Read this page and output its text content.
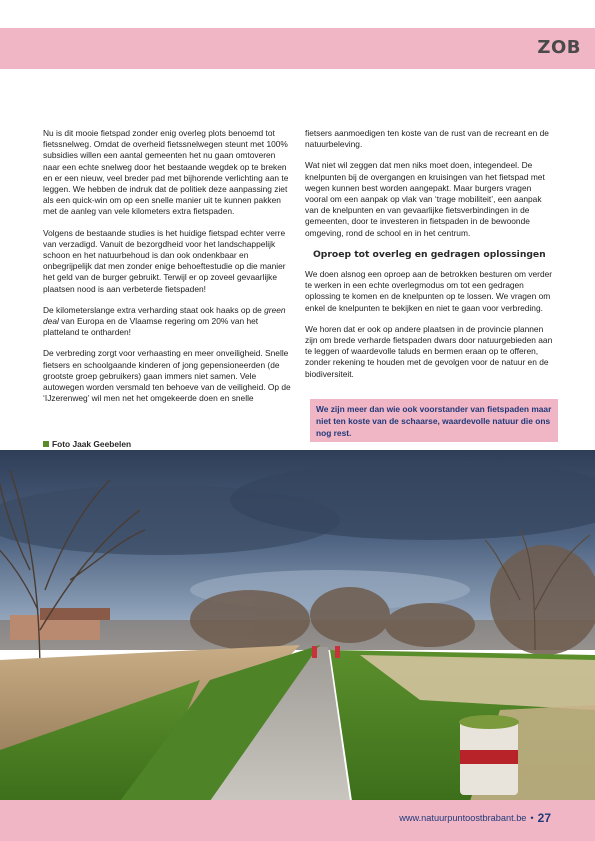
ZOB

Nu is dit mooie fietspad zonder enig overleg plots benoemd tot fietssnelweg. Omdat de overheid fietssnelwegen steunt met 100% subsidies willen een aantal gemeenten het nu gaan omtoveren naar een echte snelweg door het bestaande wegdek op te breken en er een nieuw, veel breder pad met bijhorende verlichting aan te leggen. We hebben de indruk dat de politiek deze aanpassing ziet als een quick-win om op een snelle manier uit te kunnen pakken met de aanleg van vele kilometers extra fietspaden.

Volgens de bestaande studies is het huidige fietspad echter verre van verzadigd. Vanuit de bezorgdheid voor het landschappelijk schoon en het natuurbehoud is dan ook ondenkbaar en onbegrijpelijk dat men zonder enige behoeftestudie op die manier het geld van de burger gebruikt. Terwijl er op zoveel gevaarlijke plaatsen nood is aan verbeterde fietspaden!

De kilometerslange extra verharding staat ook haaks op de green deal van Europa en de Vlaamse regering om 20% van het platteland te ontharden!

De verbreding zorgt voor verhaasting en meer onveiligheid. Snelle fietsers en schoolgaande kinderen of jong gepensioneerden (de grootste groep gebruikers) gaan immers niet samen. Vele autowegen worden versmald ten behoeve van de veiligheid. Op de ‘IJzerenweg’ wil men net het omgekeerde doen en snelle

fietsers aanmoedigen ten koste van de rust van de recreant en de natuurbeleving.

Wat niet wil zeggen dat men niks moet doen, integendeel. De knelpunten bij de overgangen en kruisingen van het fietspad met wegen kunnen best worden aangepakt. Maar burgers vragen vooral om een aanpak op vlak van ‘trage mobiliteit’, een aanpak van de knelpunten en van gevaarlijke fietsverbindingen in de gemeenten, door te investeren in fietspaden in de bewoonde omgeving, rond de school en in het centrum.

Oproep tot overleg en gedragen oplossingen

We doen alsnog een oproep aan de betrokken besturen om verder te werken in een echte overlegmodus om tot een gedragen oplossing te komen en de knelpunten op te lossen. We vragen om enkel de knelpunten te bekijken en niet te gaan voor verbreding.

We horen dat er ook op andere plaatsen in de provincie plannen zijn om brede verharde fietspaden dwars door natuurgebieden aan te leggen of waardevolle taluds en bermen eraan op te offeren, zonder rekening te houden met de gevolgen voor de natuur en de biodiversiteit.

We zijn meer dan wie ook voorstander van fietspaden maar niet ten koste van de schaarse, waardevolle natuur die ons nog rest.
Foto Jaak Geebelen
www.natuurpuntoostbrabant.be • 27
